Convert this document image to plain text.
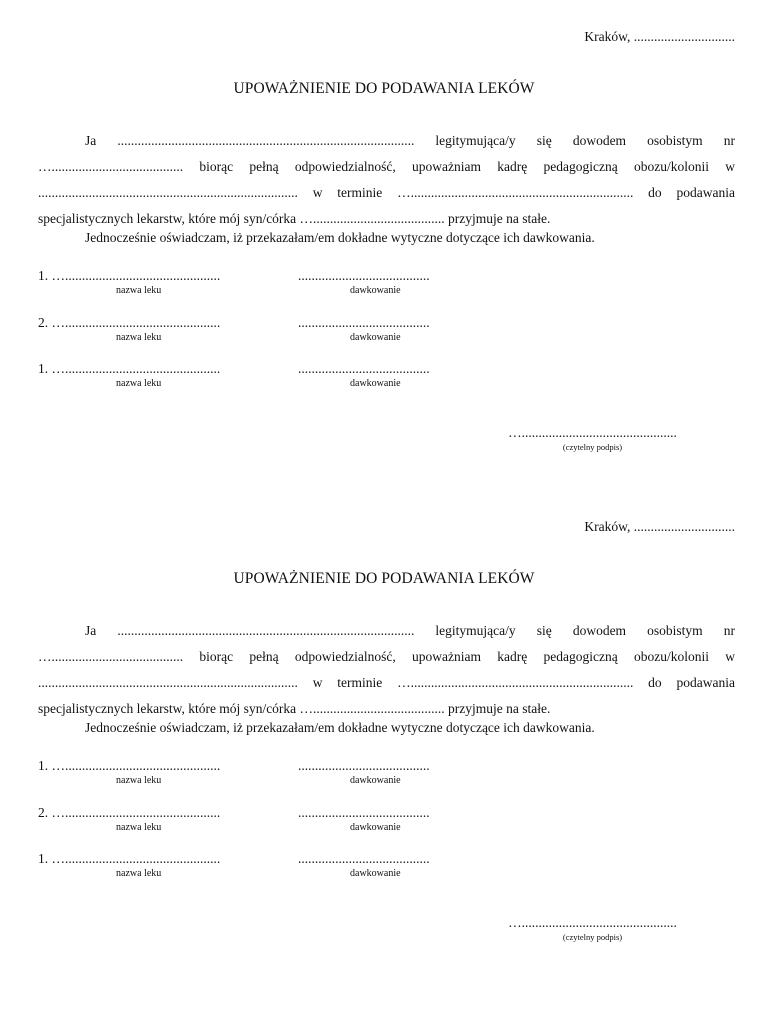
Kraków, ..............................
UPOWAŻNIENIE DO PODAWANIA LEKÓW

Ja ........................................................................................ legitymująca/y się dowodem osobistym nr …....................................... biorąc pełną odpowiedzialność, upoważniam kadrę pedagogiczną obozu/kolonii w ............................................................................. w terminie ….................................................................. do podawania specjalistycznych lekarstw, które mój syn/córka …....................................... przyjmuje na stałe.

Jednocześnie oświadczam, iż przekazałam/em dokładne wytyczne dotyczące ich dawkowania.
1. …..............................................	.......................................
nazwa leku	dawkowanie
2. …..............................................	.......................................
nazwa leku	dawkowanie
1. …..............................................	.......................................
nazwa leku	dawkowanie
…..............................................
(czytelny podpis)
Kraków, ..............................
UPOWAŻNIENIE DO PODAWANIA LEKÓW

Ja ........................................................................................ legitymująca/y się dowodem osobistym nr …....................................... biorąc pełną odpowiedzialność, upoważniam kadrę pedagogiczną obozu/kolonii w ............................................................................. w terminie ….................................................................. do podawania specjalistycznych lekarstw, które mój syn/córka …....................................... przyjmuje na stałe.

Jednocześnie oświadczam, iż przekazałam/em dokładne wytyczne dotyczące ich dawkowania.
1. …..............................................	.......................................
nazwa leku	dawkowanie
2. …..............................................	.......................................
nazwa leku	dawkowanie
1. …..............................................	.......................................
nazwa leku	dawkowanie
…..............................................
(czytelny podpis)
